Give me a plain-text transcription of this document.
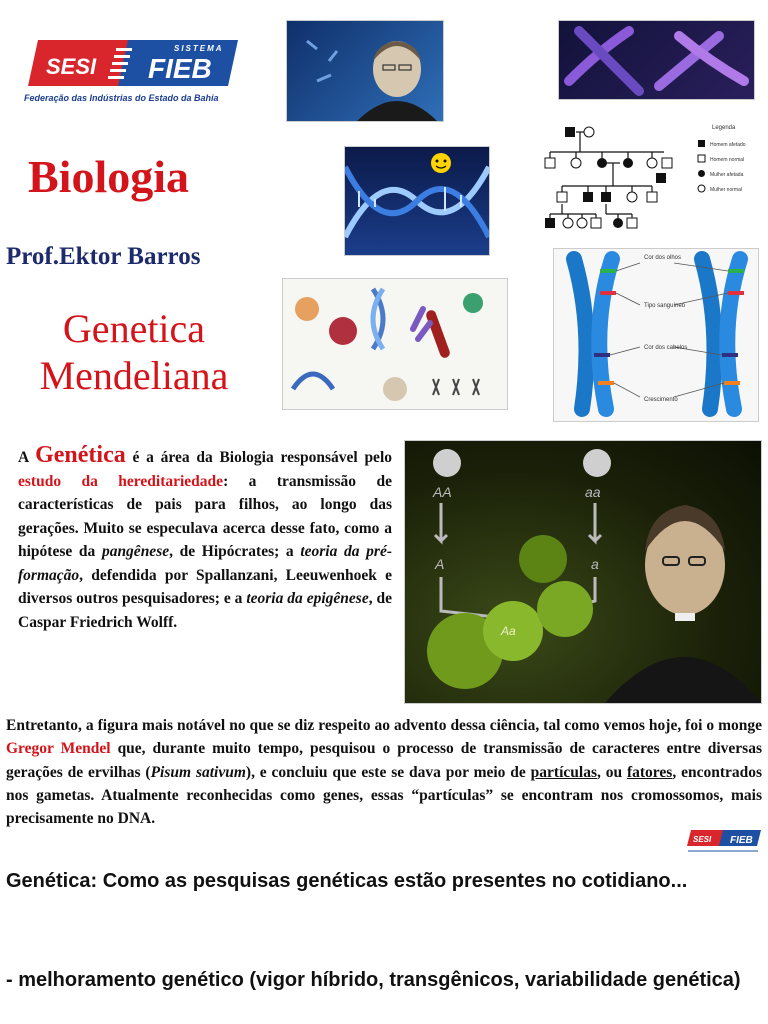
SESI
SISTEMA
FIEB
Federação das Indústrias do Estado da Bahia
Legenda
Homem afetado
Homem normal
Mulher afetada
Mulher normal
Biologia
Prof.Ektor Barros
Genetica
Mendeliana
Cor dos olhos
Tipo sanguíneo
Cor dos cabelos
Crescimento
A Genética é a área da Biologia responsável pelo estudo da hereditariedade: a transmissão de características de pais para filhos, ao longo das gerações. Muito se especulava acerca desse fato, como a hipótese da pangênese, de Hipócrates; a teoria da pré-formação, defendida por Spallanzani, Leeuwenhoek e diversos outros pesquisadores; e a teoria da epigênese, de Caspar Friedrich Wolff.
AA	aa
A	a
Aa
Entretanto, a figura mais notável no que se diz respeito ao advento dessa ciência, tal como vemos hoje, foi o monge Gregor Mendel que, durante muito tempo, pesquisou o processo de transmissão de caracteres entre diversas gerações de ervilhas (Pisum sativum), e concluiu que este se dava por meio de partículas, ou fatores, encontrados nos gametas. Atualmente reconhecidas como genes, essas “partículas” se encontram nos cromossomos, mais precisamente no DNA.
SESI FIEB
Genética: Como as pesquisas genéticas estão presentes no cotidiano...
- melhoramento genético (vigor híbrido, transgênicos, variabilidade genética)
